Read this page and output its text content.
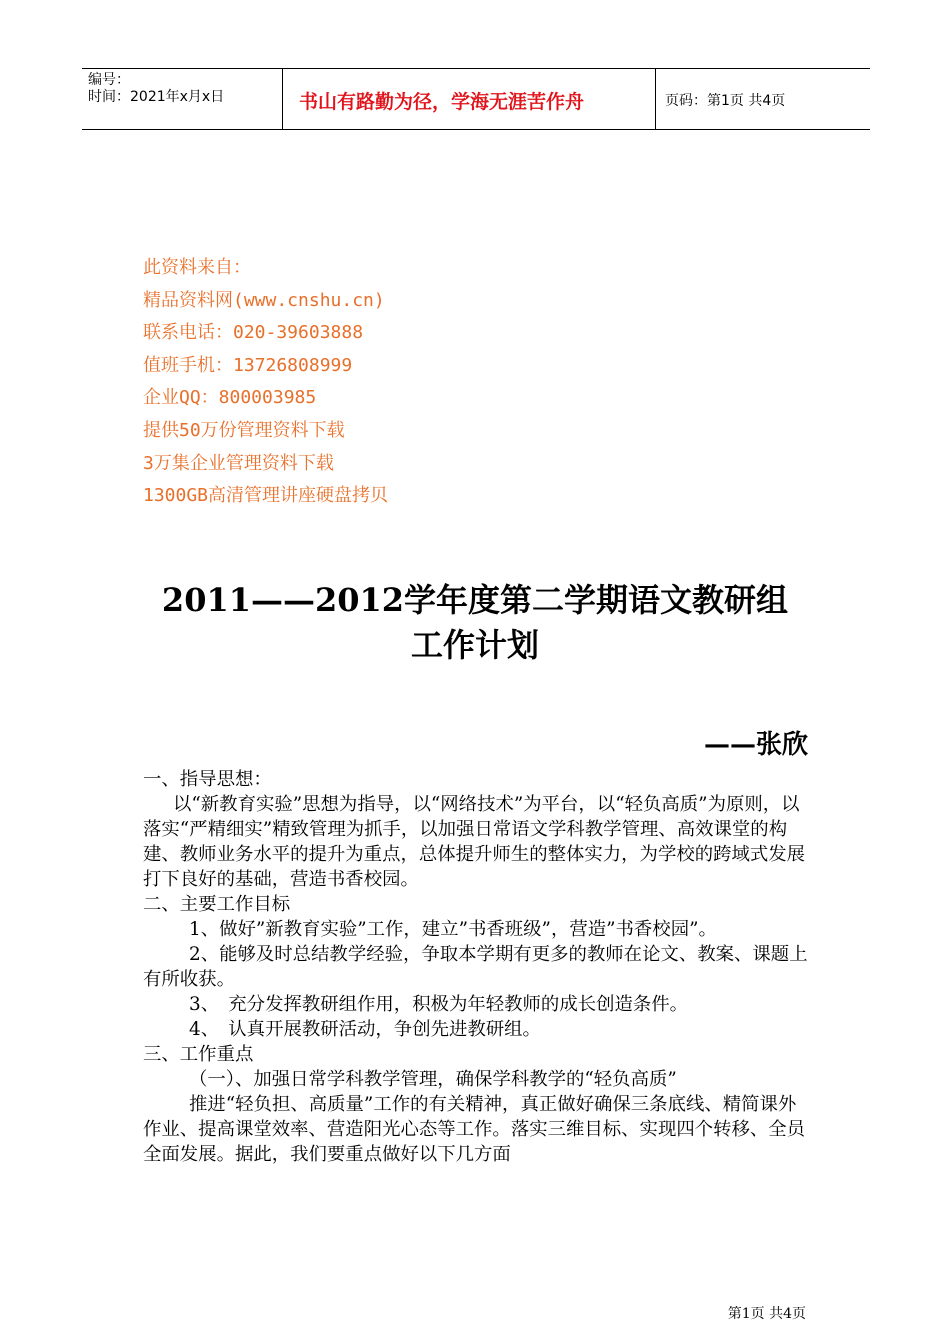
编号：
时间：2021年x月x日	书山有路勤为径，学海无涯苦作舟	页码：第1页 共4页
此资料来自：
精品资料网(www.cnshu.cn)
联系电话：020-39603888
值班手机：13726808999
企业QQ：800003985
提供50万份管理资料下载
3万集企业管理资料下载
1300GB高清管理讲座硬盘拷贝
2011——2012学年度第二学期语文教研组
工作计划
——张欣

一、指导思想：

以“新教育实验”思想为指导，以“网络技术”为平台，以“轻负高质”为原则，以落实“严精细实”精致管理为抓手，以加强日常语文学科教学管理、高效课堂的构建、教师业务水平的提升为重点，总体提升师生的整体实力，为学校的跨域式发展打下良好的基础，营造书香校园。

二、主要工作目标

1、做好”新教育实验”工作，建立”书香班级”，营造”书香校园”。

2、能够及时总结教学经验，争取本学期有更多的教师在论文、教案、课题上有所收获。

3、　充分发挥教研组作用，积极为年轻教师的成长创造条件。

4、　认真开展教研活动，争创先进教研组。

三、工作重点

（一）、加强日常学科教学管理，确保学科教学的“轻负高质”

推进“轻负担、高质量”工作的有关精神，真正做好确保三条底线、精简课外作业、提高课堂效率、营造阳光心态等工作。落实三维目标、实现四个转移、全员全面发展。据此，我们要重点做好以下几方面

第1页 共4页
